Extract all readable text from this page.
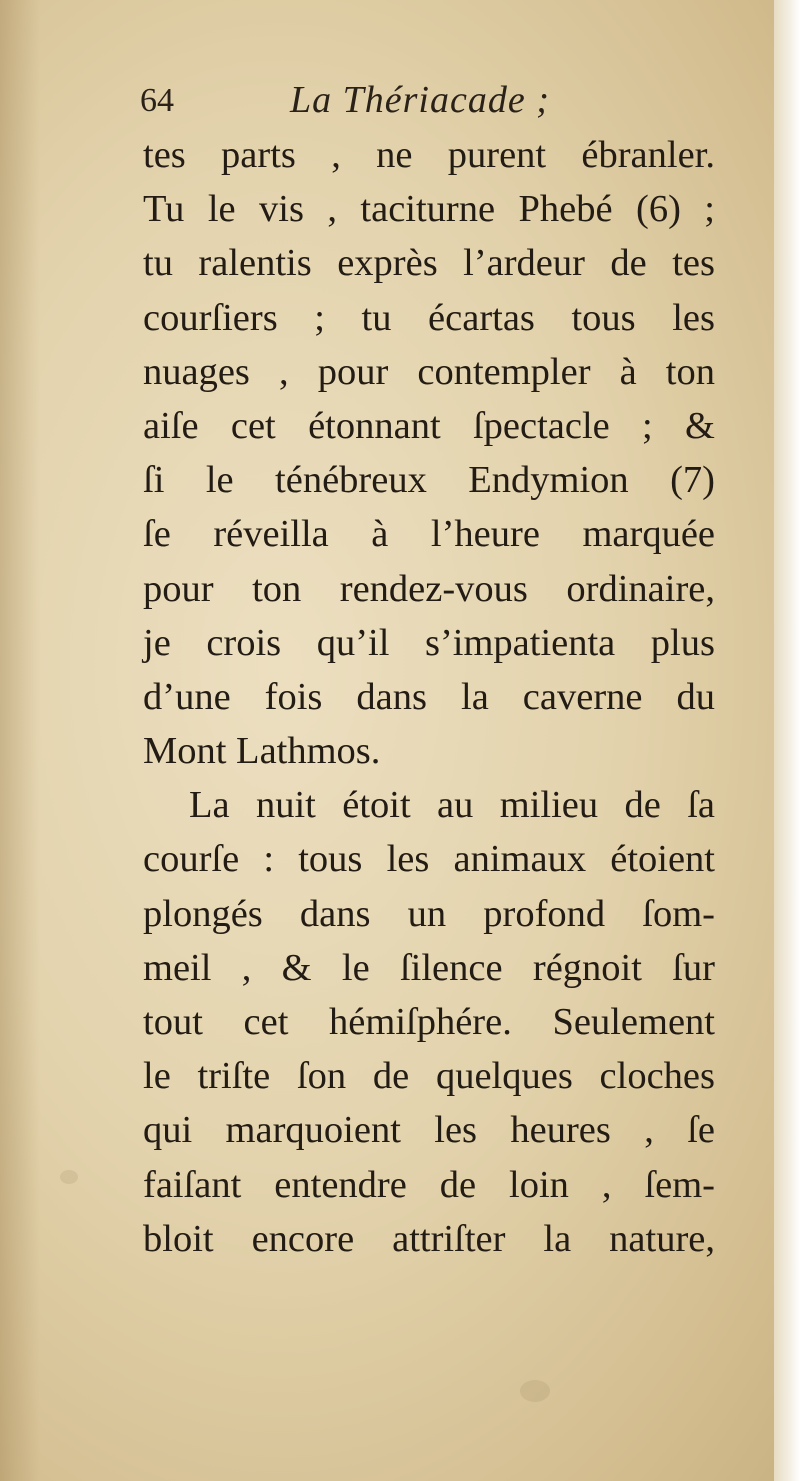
64	La Thériacade ;
tes parts , ne purent ébranler.
Tu le vis , taciturne Phebé (6) ;
tu ralentis exprès l’ardeur de tes
courſiers ; tu écartas tous les
nuages , pour contempler à ton
aiſe cet étonnant ſpectacle ; &
ſi le ténébreux Endymion (7)
ſe réveilla à l’heure marquée
pour ton rendez-vous ordinaire,
je crois qu’il s’impatienta plus
d’une fois dans la caverne du
Mont Lathmos.
La nuit étoit au milieu de ſa
courſe : tous les animaux étoient
plongés dans un profond ſom-
meil , & le ſilence régnoit ſur
tout cet hémiſphére. Seulement
le triſte ſon de quelques cloches
qui marquoient les heures , ſe
faiſant entendre de loin , ſem-
bloit encore attriſter la nature,
